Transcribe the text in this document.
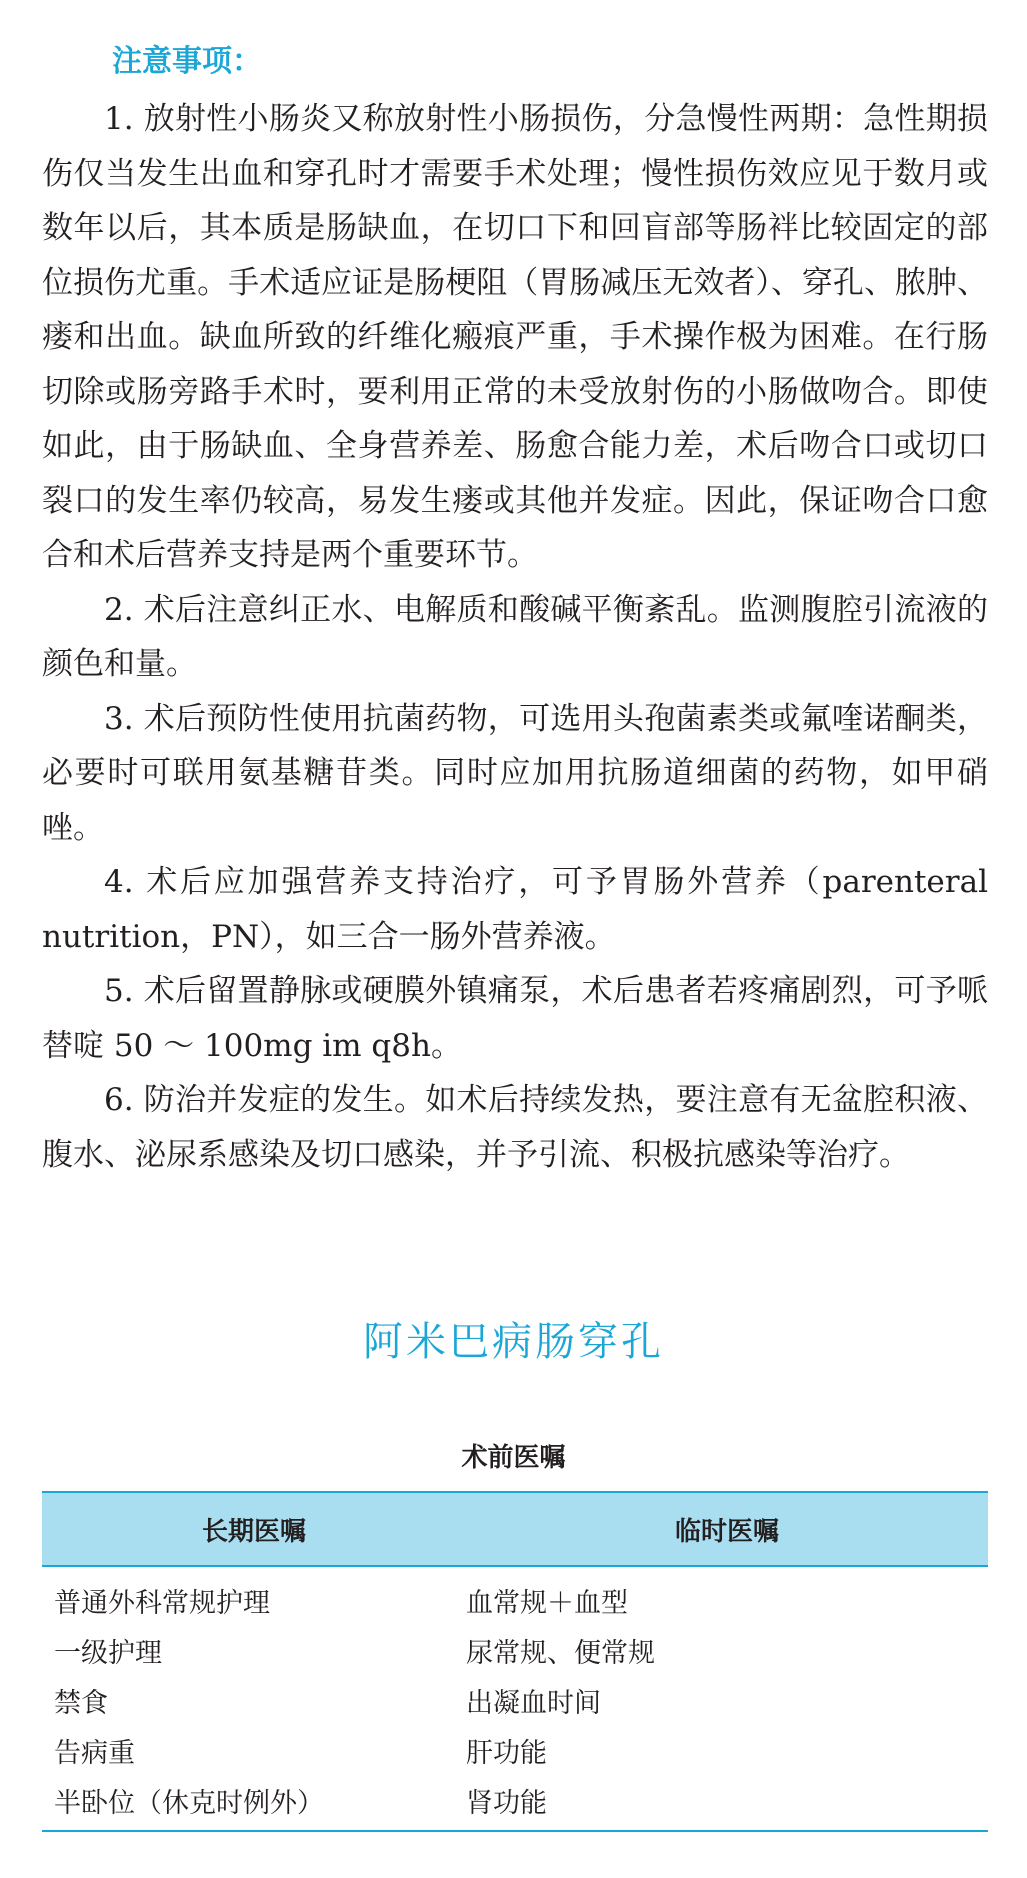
注意事项：

1. 放射性小肠炎又称放射性小肠损伤，分急慢性两期：急性期损伤仅当发生出血和穿孔时才需要手术处理；慢性损伤效应见于数月或数年以后，其本质是肠缺血，在切口下和回盲部等肠袢比较固定的部位损伤尤重。手术适应证是肠梗阻（胃肠减压无效者）、穿孔、脓肿、瘘和出血。缺血所致的纤维化瘢痕严重，手术操作极为困难。在行肠切除或肠旁路手术时，要利用正常的未受放射伤的小肠做吻合。即使如此，由于肠缺血、全身营养差、肠愈合能力差，术后吻合口或切口裂口的发生率仍较高，易发生瘘或其他并发症。因此，保证吻合口愈合和术后营养支持是两个重要环节。

2. 术后注意纠正水、电解质和酸碱平衡紊乱。监测腹腔引流液的颜色和量。

3. 术后预防性使用抗菌药物，可选用头孢菌素类或氟喹诺酮类，必要时可联用氨基糖苷类。同时应加用抗肠道细菌的药物，如甲硝唑。

4. 术后应加强营养支持治疗，可予胃肠外营养（parenteral nutrition，PN），如三合一肠外营养液。

5. 术后留置静脉或硬膜外镇痛泵，术后患者若疼痛剧烈，可予哌替啶 50 ～ 100mg im q8h。

6. 防治并发症的发生。如术后持续发热，要注意有无盆腔积液、腹水、泌尿系感染及切口感染，并予引流、积极抗感染等治疗。

阿米巴病肠穿孔
术前医嘱
长期医嘱	临时医嘱
普通外科常规护理	血常规＋血型
一级护理	尿常规、便常规
禁食	出凝血时间
告病重	肝功能
半卧位（休克时例外）	肾功能
